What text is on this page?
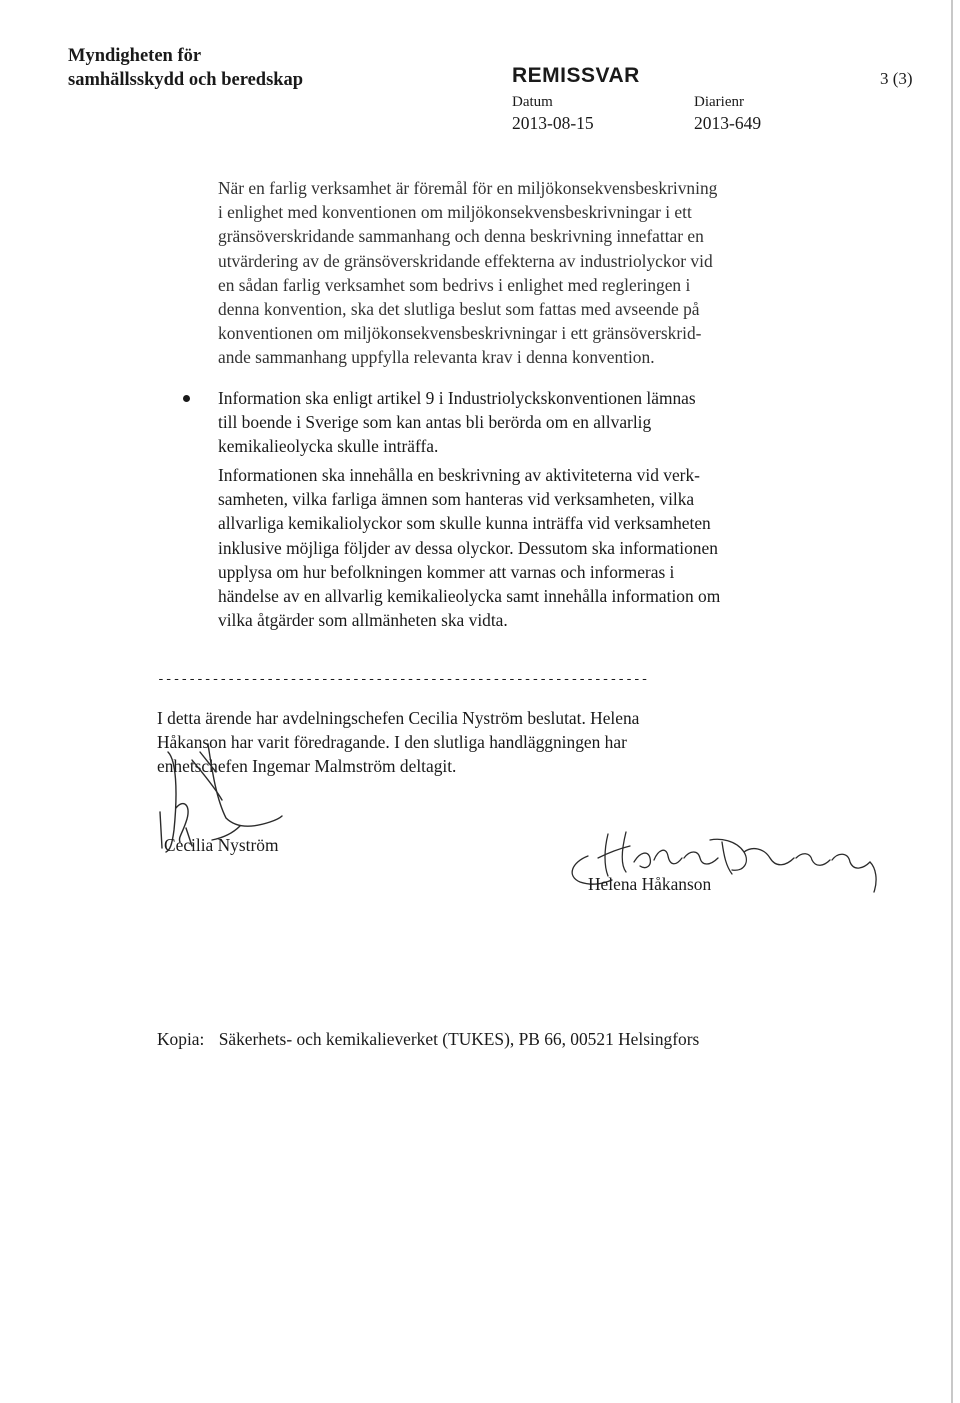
Myndigheten för
samhällsskydd och beredskap	REMISSVAR	3 (3)
Datum
2013-08-15
Diarienr
2013-649
När en farlig verksamhet är föremål för en miljökonsekvensbeskrivning
i enlighet med konventionen om miljökonsekvensbeskrivningar i ett
gränsöverskridande sammanhang och denna beskrivning innefattar en
utvärdering av de gränsöverskridande effekterna av industriolyckor vid
en sådan farlig verksamhet som bedrivs i enlighet med regleringen i
denna konvention, ska det slutliga beslut som fattas med avseende på
konventionen om miljökonsekvensbeskrivningar i ett gränsöverskrid-
ande sammanhang uppfylla relevanta krav i denna konvention.
Information ska enligt artikel 9 i Industriolyckskonventionen lämnas
till boende i Sverige som kan antas bli berörda om en allvarlig
kemikalieolycka skulle inträffa.
Informationen ska innehålla en beskrivning av aktiviteterna vid verk-
samheten, vilka farliga ämnen som hanteras vid verksamheten, vilka
allvarliga kemikaliolyckor som skulle kunna inträffa vid verksamheten
inklusive möjliga följder av dessa olyckor. Dessutom ska informationen
upplysa om hur befolkningen kommer att varnas och informeras i
händelse av en allvarlig kemikalieolycka samt innehålla information om
vilka åtgärder som allmänheten ska vidta.
---------------------------------------------------------------
I detta ärende har avdelningschefen Cecilia Nyström beslutat. Helena
Håkanson har varit föredragande. I den slutliga handläggningen har
enhetschefen Ingemar Malmström deltagit.
Cecilia Nyström
Helena Håkanson
Kopia: Säkerhets- och kemikalieverket (TUKES), PB 66, 00521 Helsingfors
